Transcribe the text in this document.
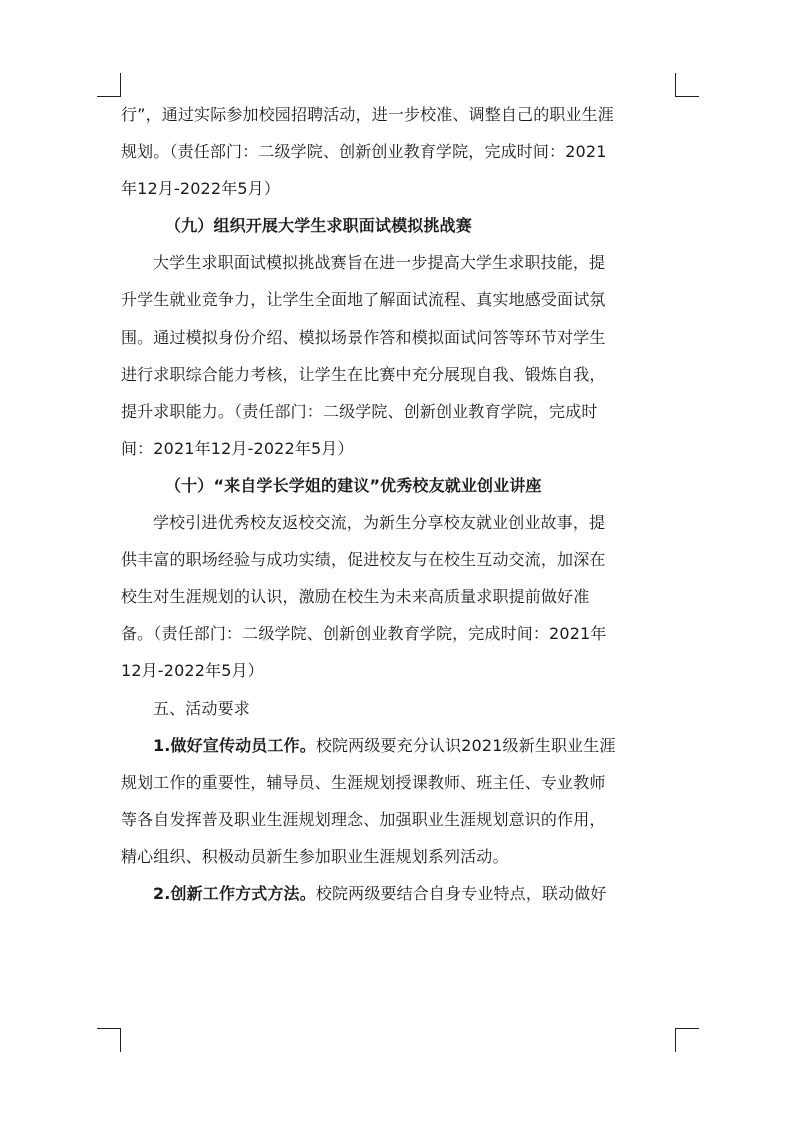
行”，通过实际参加校园招聘活动，进一步校准、调整自己的职业生涯
规划。（责任部门：二级学院、创新创业教育学院，完成时间：2021
年12月-2022年5月）
（九）组织开展大学生求职面试模拟挑战赛
大学生求职面试模拟挑战赛旨在进一步提高大学生求职技能，提
升学生就业竞争力，让学生全面地了解面试流程、真实地感受面试氛
围。通过模拟身份介绍、模拟场景作答和模拟面试问答等环节对学生
进行求职综合能力考核，让学生在比赛中充分展现自我、锻炼自我，
提升求职能力。（责任部门：二级学院、创新创业教育学院，完成时
间：2021年12月-2022年5月）
（十）“来自学长学姐的建议”优秀校友就业创业讲座
学校引进优秀校友返校交流，为新生分享校友就业创业故事，提
供丰富的职场经验与成功实绩，促进校友与在校生互动交流，加深在
校生对生涯规划的认识，激励在校生为未来高质量求职提前做好准
备。（责任部门：二级学院、创新创业教育学院，完成时间：2021年
12月-2022年5月）
五、活动要求
1.做好宣传动员工作。校院两级要充分认识2021级新生职业生涯
规划工作的重要性，辅导员、生涯规划授课教师、班主任、专业教师
等各自发挥普及职业生涯规划理念、加强职业生涯规划意识的作用，
精心组织、积极动员新生参加职业生涯规划系列活动。
2.创新工作方式方法。校院两级要结合自身专业特点，联动做好
